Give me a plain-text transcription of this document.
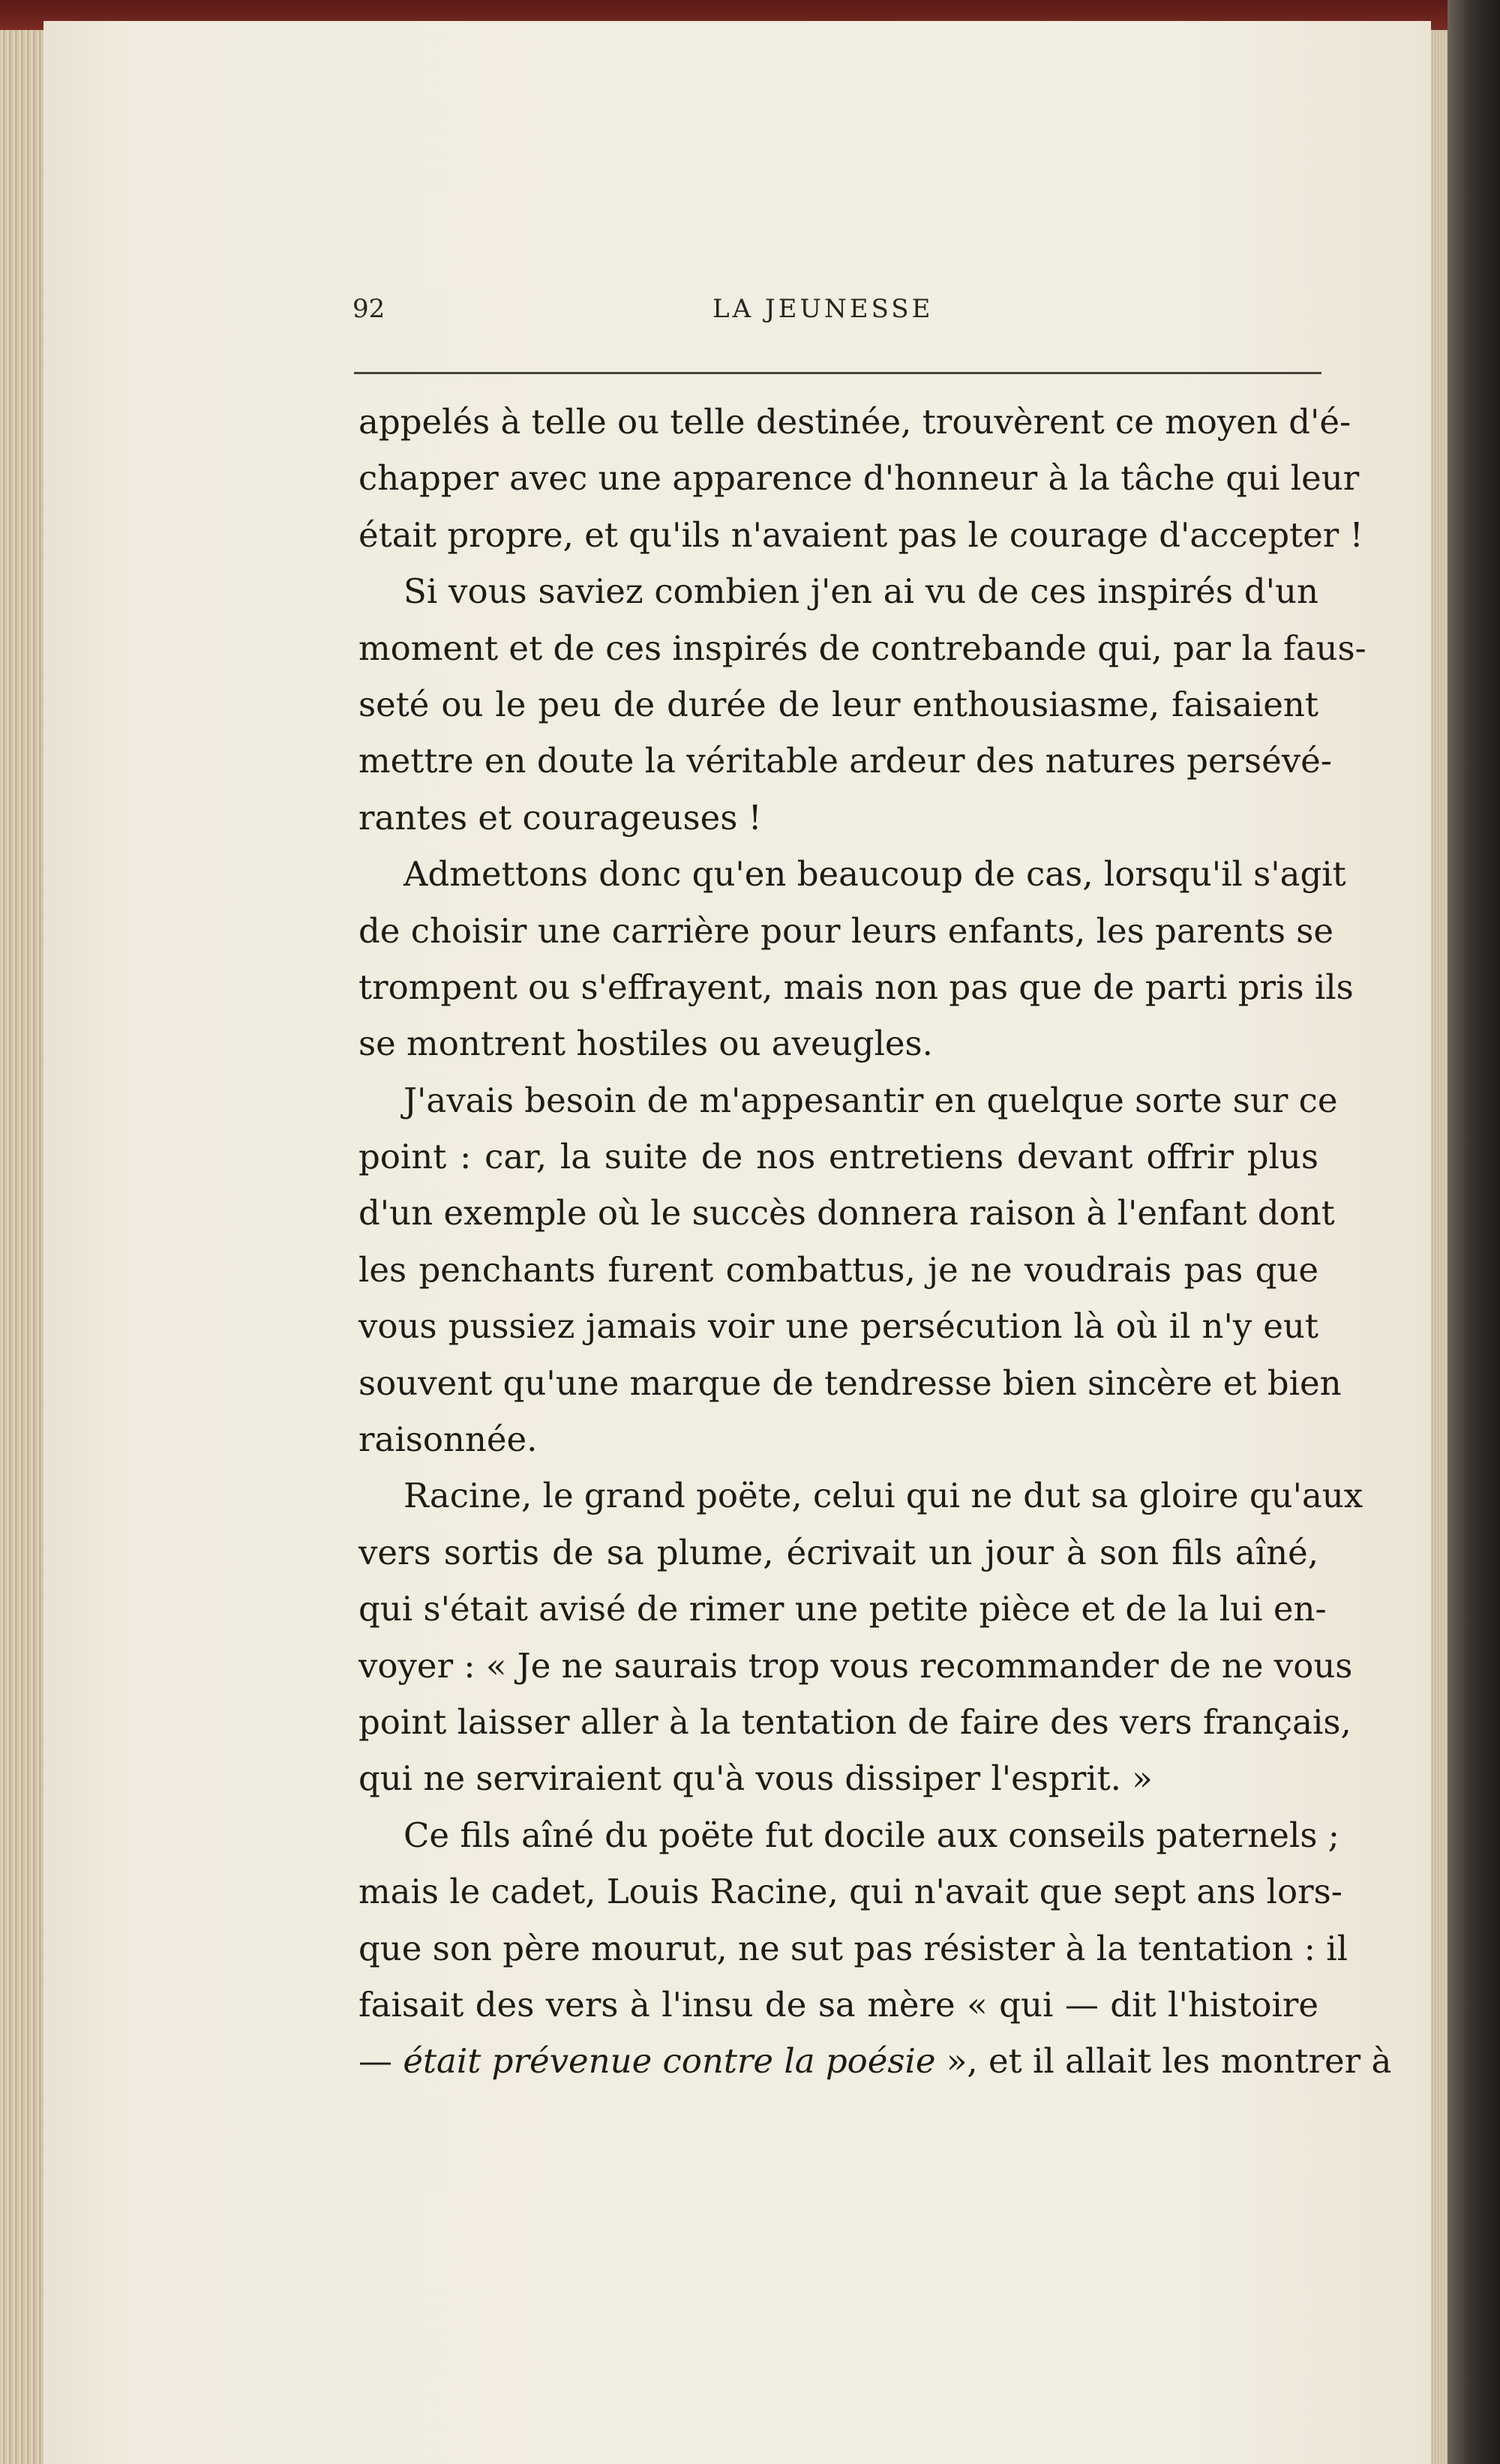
92	LA JEUNESSE
appelés à telle ou telle destinée, trouvèrent ce moyen d'é-
chapper avec une apparence d'honneur à la tâche qui leur
était propre, et qu'ils n'avaient pas le courage d'accepter !
Si vous saviez combien j'en ai vu de ces inspirés d'un
moment et de ces inspirés de contrebande qui, par la faus-
seté ou le peu de durée de leur enthousiasme, faisaient
mettre en doute la véritable ardeur des natures persévé-
rantes et courageuses !
Admettons donc qu'en beaucoup de cas, lorsqu'il s'agit
de choisir une carrière pour leurs enfants, les parents se
trompent ou s'effrayent, mais non pas que de parti pris ils
se montrent hostiles ou aveugles.
J'avais besoin de m'appesantir en quelque sorte sur ce
point : car, la suite de nos entretiens devant offrir plus
d'un exemple où le succès donnera raison à l'enfant dont
les penchants furent combattus, je ne voudrais pas que
vous pussiez jamais voir une persécution là où il n'y eut
souvent qu'une marque de tendresse bien sincère et bien
raisonnée.
Racine, le grand poëte, celui qui ne dut sa gloire qu'aux
vers sortis de sa plume, écrivait un jour à son fils aîné,
qui s'était avisé de rimer une petite pièce et de la lui en-
voyer : « Je ne saurais trop vous recommander de ne vous
point laisser aller à la tentation de faire des vers français,
qui ne serviraient qu'à vous dissiper l'esprit. »
Ce fils aîné du poëte fut docile aux conseils paternels ;
mais le cadet, Louis Racine, qui n'avait que sept ans lors-
que son père mourut, ne sut pas résister à la tentation : il
faisait des vers à l'insu de sa mère « qui — dit l'histoire
— était prévenue contre la poésie », et il allait les montrer à
